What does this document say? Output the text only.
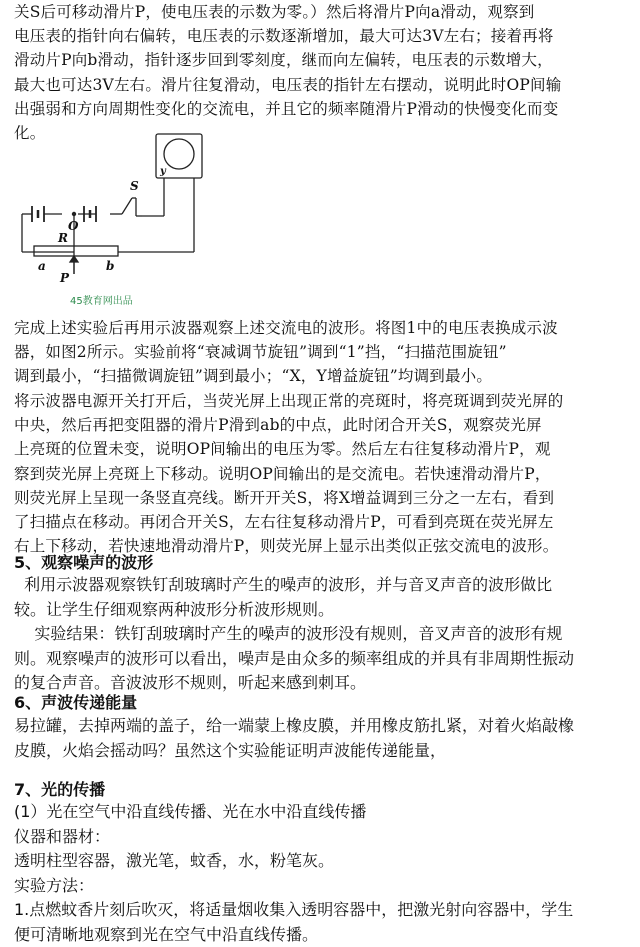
关S后可移动滑片P，使电压表的示数为零。）然后将滑片P向a滑动，观察到
电压表的指针向右偏转，电压表的示数逐渐增加，最大可达3V左右；接着再将
滑动片P向b滑动，指针逐步回到零刻度，继而向左偏转，电压表的示数增大，
最大也可达3V左右。滑片往复滑动，电压表的指针左右摆动，说明此时OP间输
出强弱和方向周期性变化的交流电，并且它的频率随滑片P滑动的快慢变化而变
化。
S
O
R
a	b
P
y
45教育网出品
完成上述实验后再用示波器观察上述交流电的波形。将图1中的电压表换成示波
器，如图2所示。实验前将“衰减调节旋钮”调到“1”挡，“扫描范围旋钮”
调到最小，“扫描微调旋钮”调到最小；“X，Y增益旋钮”均调到最小。
将示波器电源开关打开后，当荧光屏上出现正常的亮斑时，将亮斑调到荧光屏的
中央，然后再把变阻器的滑片P滑到ab的中点，此时闭合开关S，观察荧光屏
上亮斑的位置未变，说明OP间输出的电压为零。然后左右往复移动滑片P，观
察到荧光屏上亮斑上下移动。说明OP间输出的是交流电。若快速滑动滑片P，
则荧光屏上呈现一条竖直亮线。断开开关S，将X增益调到三分之一左右，看到
了扫描点在移动。再闭合开关S，左右往复移动滑片P，可看到亮斑在荧光屏左
右上下移动，若快速地滑动滑片P，则荧光屏上显示出类似正弦交流电的波形。
5、观察噪声的波形
利用示波器观察铁钉刮玻璃时产生的噪声的波形，并与音叉声音的波形做比
较。让学生仔细观察两种波形分析波形规则。
实验结果：铁钉刮玻璃时产生的噪声的波形没有规则，音叉声音的波形有规
则。观察噪声的波形可以看出，噪声是由众多的频率组成的并具有非周期性振动
的复合声音。音波波形不规则，听起来感到刺耳。
6、声波传递能量
易拉罐，去掉两端的盖子，给一端蒙上橡皮膜，并用橡皮筋扎紧，对着火焰敲橡
皮膜，火焰会摇动吗？虽然这个实验能证明声波能传递能量，
7、光的传播
(1）光在空气中沿直线传播、光在水中沿直线传播
仪器和器材：
透明柱型容器，激光笔，蚊香，水，粉笔灰。
实验方法：
1.点燃蚊香片刻后吹灭，将适量烟收集入透明容器中，把激光射向容器中，学生
便可清晰地观察到光在空气中沿直线传播。
